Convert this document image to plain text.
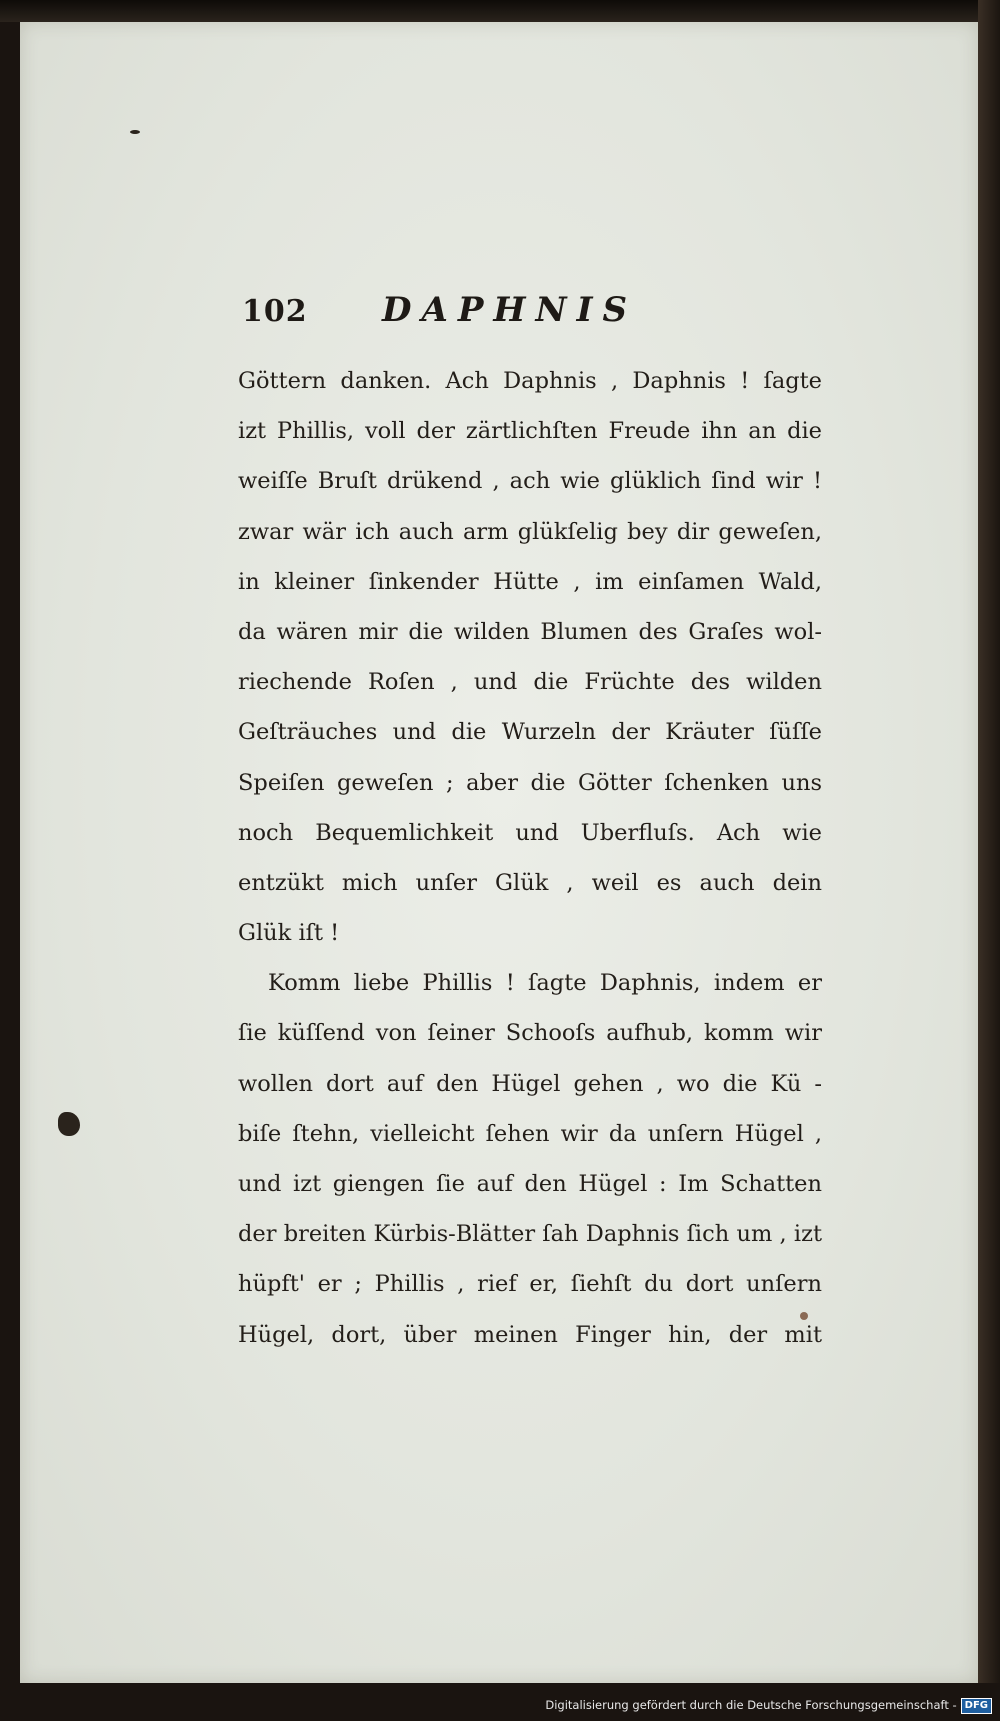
102 DAPHNIS
Göttern danken. Ach Daphnis , Daphnis ! ſagte
izt Phillis, voll der zärtlichſten Freude ihn an die
weiſſe Bruſt drükend , ach wie glüklich ſind wir !
zwar wär ich auch arm glükſelig bey dir geweſen,
in kleiner ſinkender Hütte , im einſamen Wald,
da wären mir die wilden Blumen des Graſes wol-
riechende Roſen , und die Früchte des wilden
Geſträuches und die Wurzeln der Kräuter ſüſſe
Speiſen geweſen ; aber die Götter ſchenken uns
noch Bequemlichkeit und Uberfluſs. Ach wie
entzükt mich unſer Glük , weil es auch dein
Glük iſt !
Komm liebe Phillis ! ſagte Daphnis, indem er
ſie küſſend von ſeiner Schooſs aufhub, komm wir
wollen dort auf den Hügel gehen , wo die Kü -
biſe ſtehn, vielleicht ſehen wir da unſern Hügel ,
und izt giengen ſie auf den Hügel : Im Schatten
der breiten Kürbis-Blätter ſah Daphnis ſich um , izt
hüpft' er ; Phillis , rief er, ſiehſt du dort unſern
Hügel, dort, über meinen Finger hin, der mit
Digitalisierung gefördert durch die Deutsche Forschungsgemeinschaft - DFG
